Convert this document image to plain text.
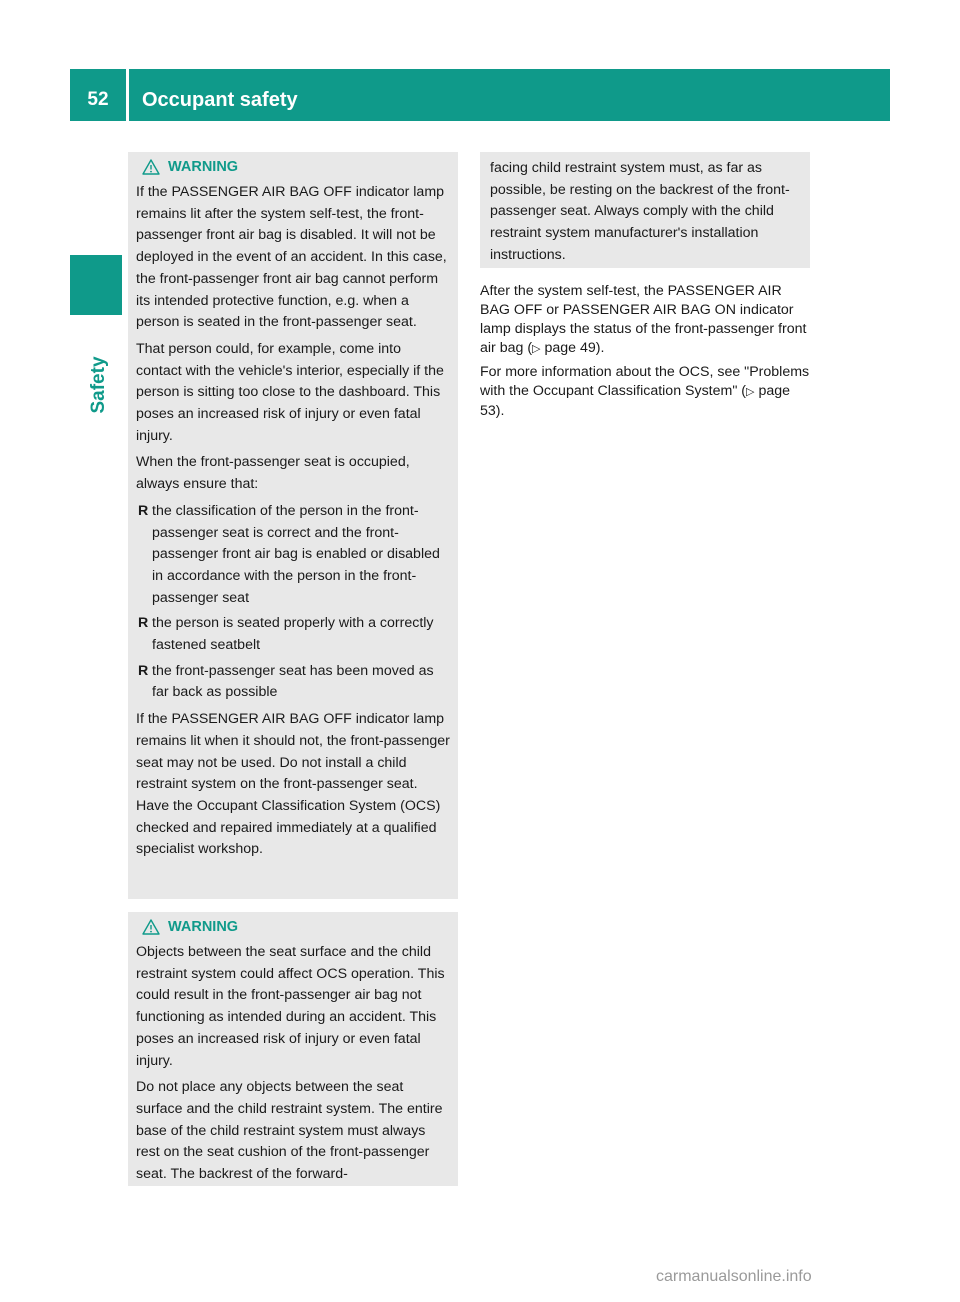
52	Occupant safety
Safety
WARNING

If the PASSENGER AIR BAG OFF indicator lamp remains lit after the system self-test, the front-passenger front air bag is disabled. It will not be deployed in the event of an accident. In this case, the front-passenger front air bag cannot perform its intended protective function, e.g. when a person is seated in the front-passenger seat.

That person could, for example, come into contact with the vehicle's interior, especially if the person is sitting too close to the dashboard. This poses an increased risk of injury or even fatal injury.

When the front-passenger seat is occupied, always ensure that:

R the classification of the person in the front-passenger seat is correct and the front-passenger front air bag is enabled or disabled in accordance with the person in the front-passenger seat
R the person is seated properly with a correctly fastened seatbelt
R the front-passenger seat has been moved as far back as possible

If the PASSENGER AIR BAG OFF indicator lamp remains lit when it should not, the front-passenger seat may not be used. Do not install a child restraint system on the front-passenger seat. Have the Occupant Classification System (OCS) checked and repaired immediately at a qualified specialist workshop.

WARNING

Objects between the seat surface and the child restraint system could affect OCS operation. This could result in the front-passenger air bag not functioning as intended during an accident. This poses an increased risk of injury or even fatal injury.

Do not place any objects between the seat surface and the child restraint system. The entire base of the child restraint system must always rest on the seat cushion of the front-passenger seat. The backrest of the forward-

facing child restraint system must, as far as possible, be resting on the backrest of the front-passenger seat. Always comply with the child restraint system manufacturer's installation instructions.

After the system self-test, the PASSENGER AIR BAG OFF or PASSENGER AIR BAG ON indicator lamp displays the status of the front-passenger front air bag (▷ page 49).

For more information about the OCS, see "Problems with the Occupant Classification System" (▷ page 53).

carmanualsonline.info
